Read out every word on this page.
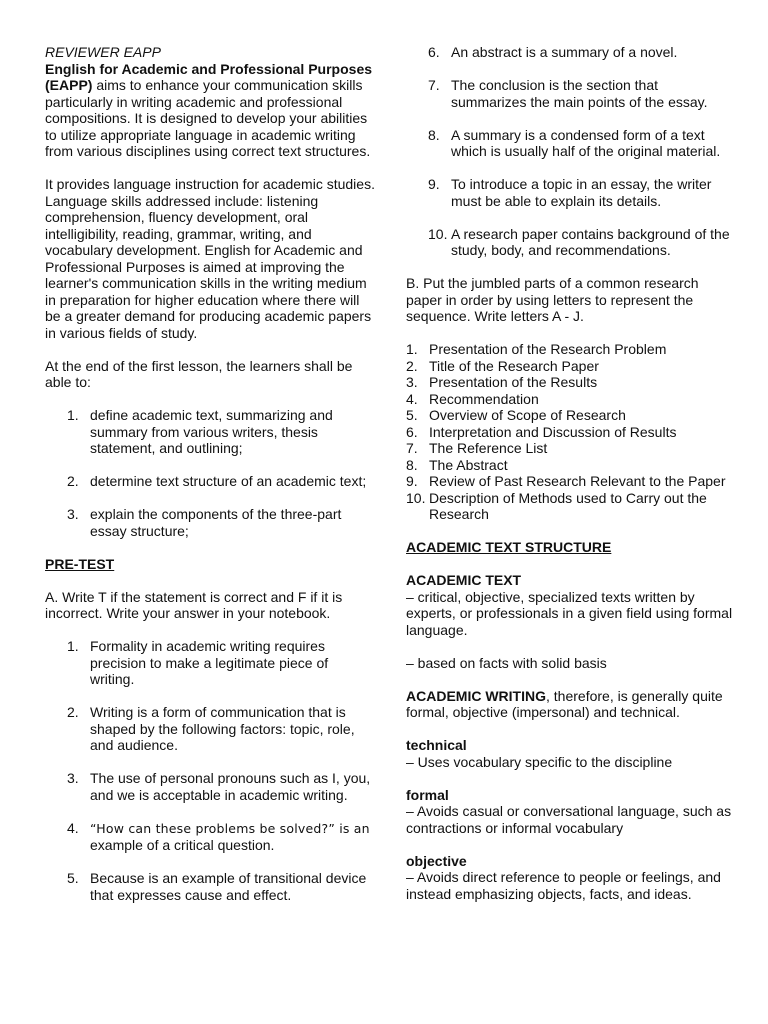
REVIEWER EAPP

English for Academic and Professional Purposes (EAPP) aims to enhance your communication skills particularly in writing academic and professional compositions. It is designed to develop your abilities to utilize appropriate language in academic writing from various disciplines using correct text structures.

It provides language instruction for academic studies. Language skills addressed include: listening comprehension, fluency development, oral intelligibility, reading, grammar, writing, and vocabulary development. English for Academic and Professional Purposes is aimed at improving the learner's communication skills in the writing medium in preparation for higher education where there will be a greater demand for producing academic papers in various fields of study.

At the end of the first lesson, the learners shall be able to:

1. define academic text, summarizing and summary from various writers, thesis statement, and outlining;
2. determine text structure of an academic text;
3. explain the components of the three-part essay structure;

PRE-TEST

A. Write T if the statement is correct and F if it is incorrect. Write your answer in your notebook.

1. Formality in academic writing requires precision to make a legitimate piece of writing.
2. Writing is a form of communication that is shaped by the following factors: topic, role, and audience.
3. The use of personal pronouns such as I, you, and we is acceptable in academic writing.
4. “How can these problems be solved?” is an example of a critical question.
5. Because is an example of transitional device that expresses cause and effect.
6. An abstract is a summary of a novel.
7. The conclusion is the section that summarizes the main points of the essay.
8. A summary is a condensed form of a text which is usually half of the original material.
9. To introduce a topic in an essay, the writer must be able to explain its details.
10. A research paper contains background of the study, body, and recommendations.

B. Put the jumbled parts of a common research paper in order by using letters to represent the sequence. Write letters A - J.

1. Presentation of the Research Problem
2. Title of the Research Paper
3. Presentation of the Results
4. Recommendation
5. Overview of Scope of Research
6. Interpretation and Discussion of Results
7. The Reference List
8. The Abstract
9. Review of Past Research Relevant to the Paper
10. Description of Methods used to Carry out the Research

ACADEMIC TEXT STRUCTURE

ACADEMIC TEXT

– critical, objective, specialized texts written by experts, or professionals in a given field using formal language.

– based on facts with solid basis

ACADEMIC WRITING, therefore, is generally quite formal, objective (impersonal) and technical.

technical

– Uses vocabulary specific to the discipline

formal

– Avoids casual or conversational language, such as contractions or informal vocabulary

objective

– Avoids direct reference to people or feelings, and instead emphasizing objects, facts, and ideas.
